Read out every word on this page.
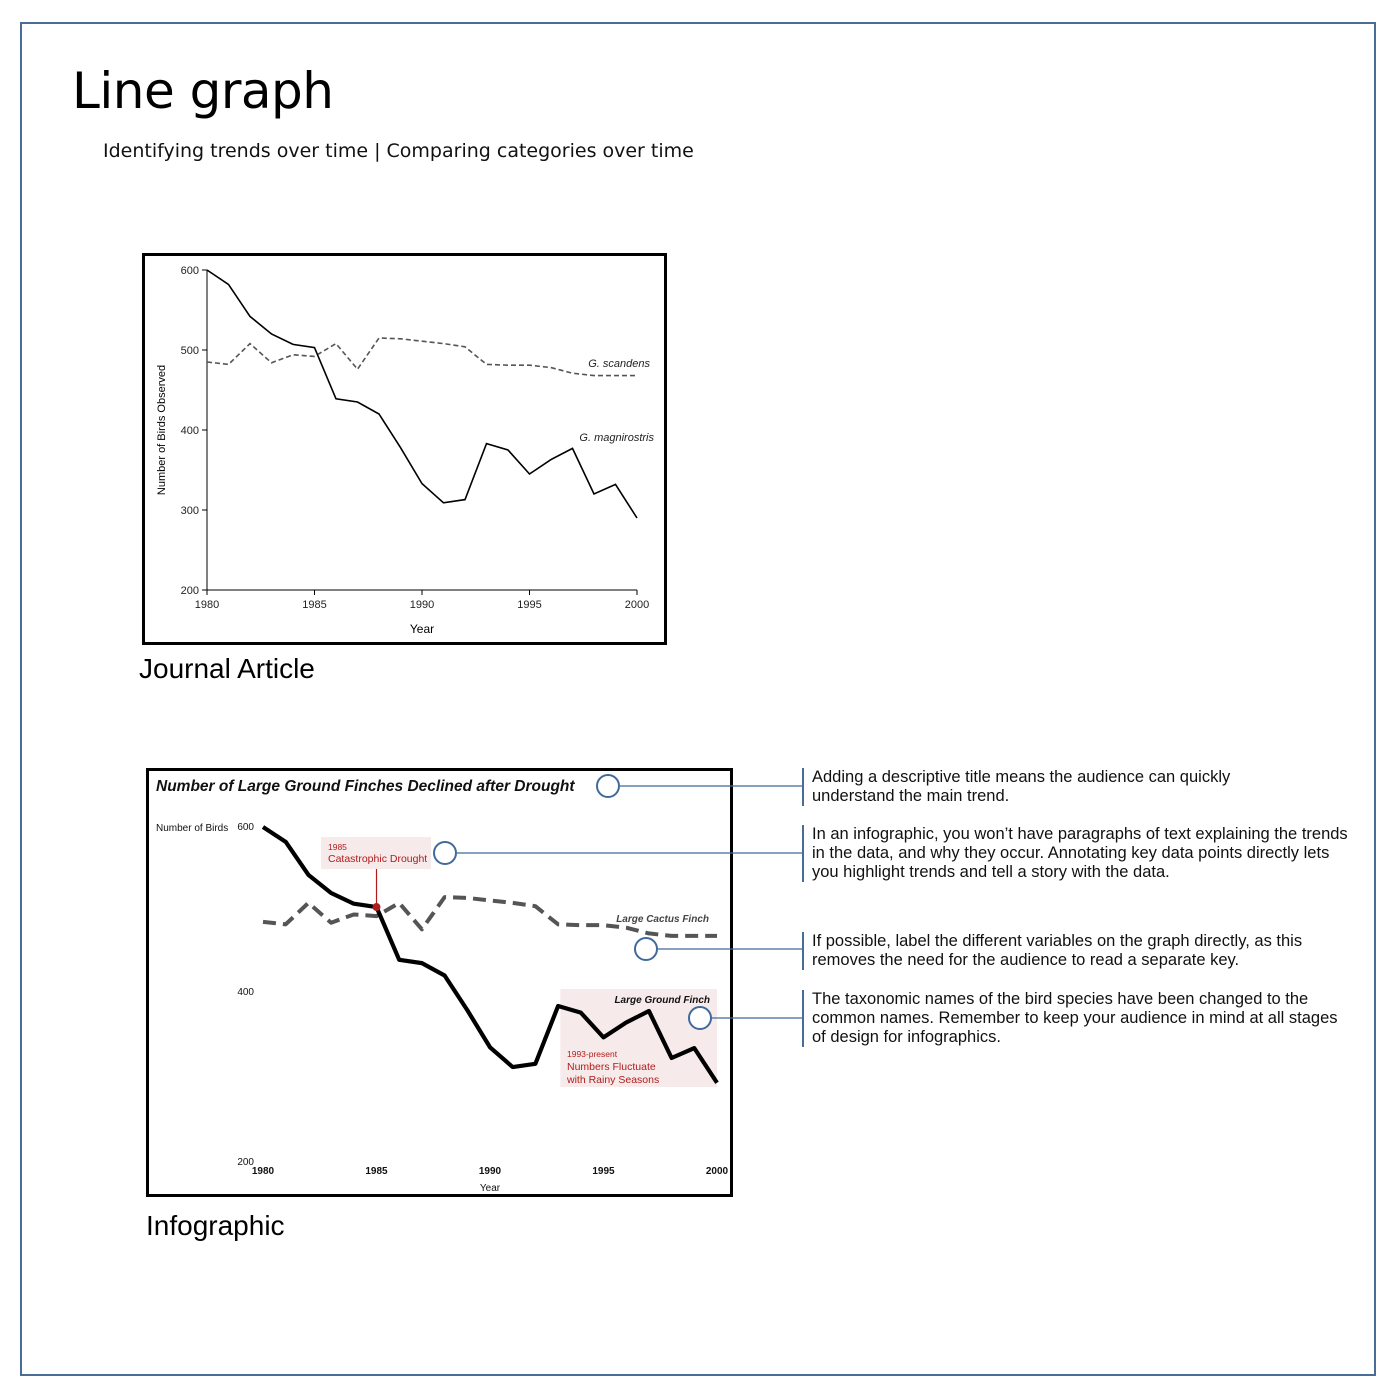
Line graph

Identifying trends over time | Comparing categories over time

200
300
400
500
600
1980	1985	1990	1995	2000
Year
Number of Birds Observed
G. scandens
G. magnirostris
Journal Article
Number of Large Ground Finches Declined after Drought
Number of Birds
200
400
600
1980	1985	1990	1995	2000
Year
Large Cactus Finch
Large Ground Finch
1985
Catastrophic Drought
1993-present
Numbers Fluctuate
with Rainy Seasons
Infographic
Adding a descriptive title means the audience can quickly understand the main trend.
In an infographic, you won’t have paragraphs of text explaining the trends in the data, and why they occur. Annotating key data points directly lets you highlight trends and tell a story with the data.
If possible, label the different variables on the graph directly, as this removes the need for the audience to read a separate key.
The taxonomic names of the bird species have been changed to the common names. Remember to keep your audience in mind at all stages of design for infographics.
